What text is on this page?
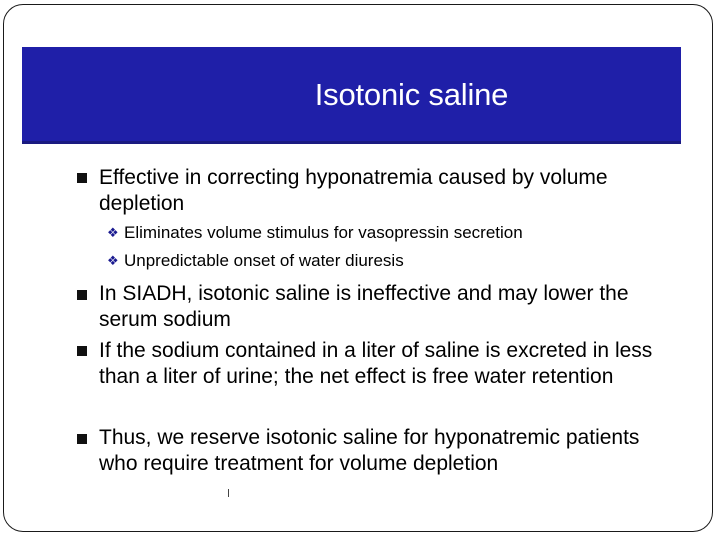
Isotonic saline
Effective in correcting hyponatremia caused by volume depletion
❖ Eliminates volume stimulus for vasopressin secretion
❖ Unpredictable onset of water diuresis
In SIADH, isotonic saline is ineffective and may lower the serum sodium
If the sodium contained in a liter of saline is excreted in less than a liter of urine; the net effect is free water retention
Thus, we reserve isotonic saline for hyponatremic patients who require treatment for volume depletion
